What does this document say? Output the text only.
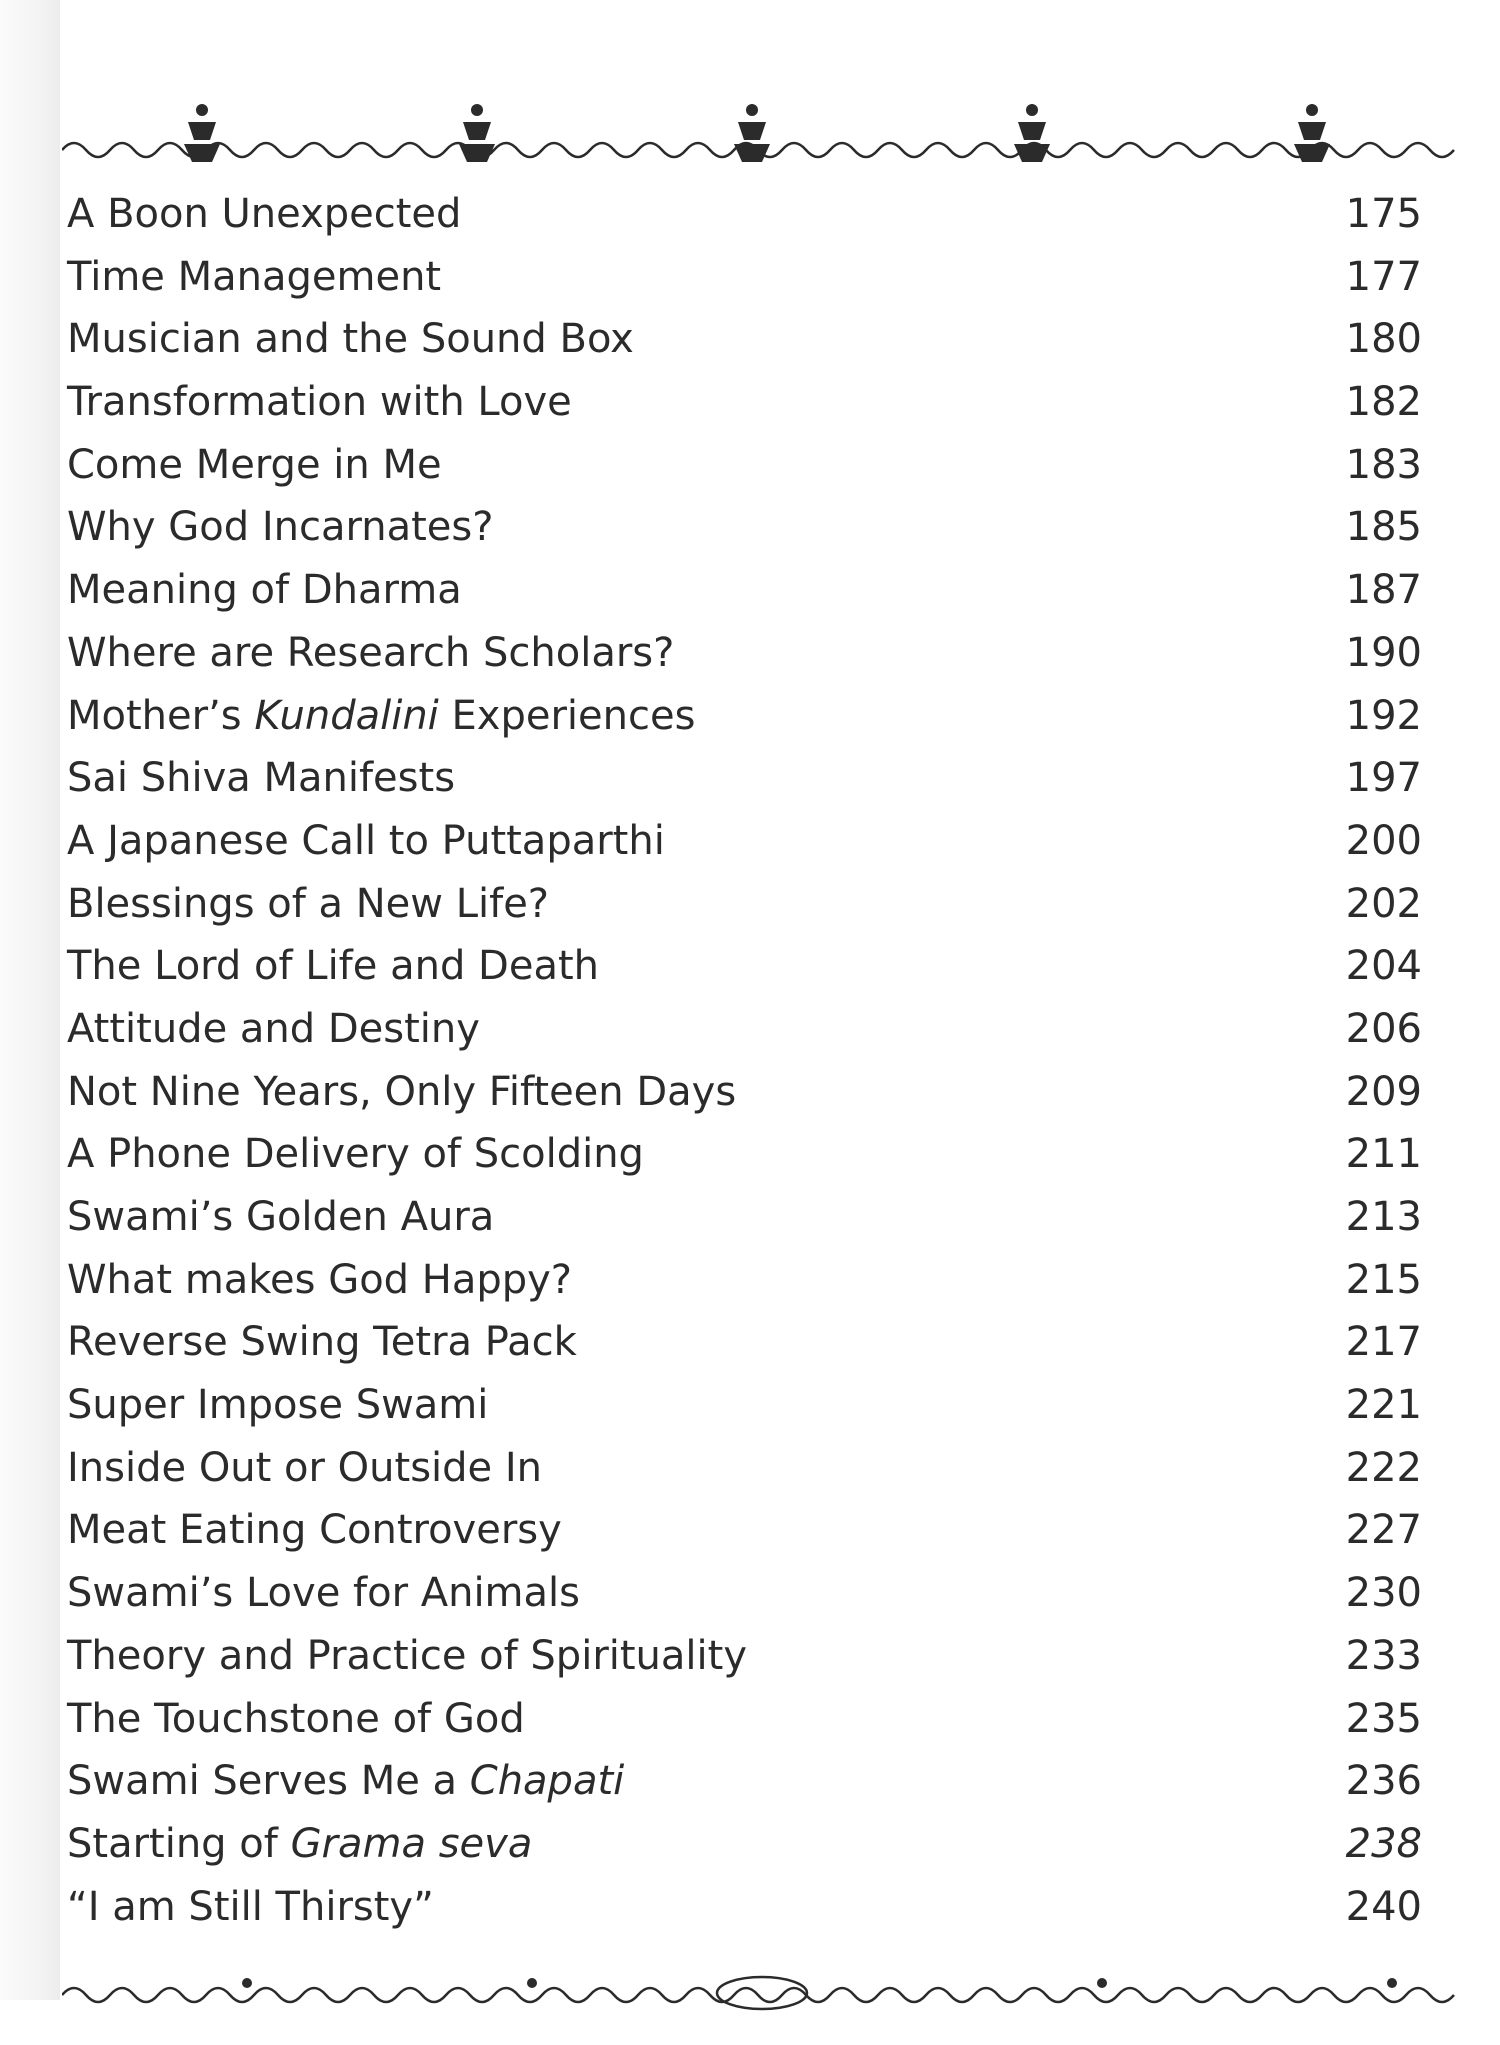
A Boon Unexpected	175
Time Management	177
Musician and the Sound Box	180
Transformation with Love	182
Come Merge in Me	183
Why God Incarnates?	185
Meaning of Dharma	187
Where are Research Scholars?	190
Mother’s Kundalini Experiences	192
Sai Shiva Manifests	197
A Japanese Call to Puttaparthi	200
Blessings of a New Life?	202
The Lord of Life and Death	204
Attitude and Destiny	206
Not Nine Years, Only Fifteen Days	209
A Phone Delivery of Scolding	211
Swami’s Golden Aura	213
What makes God Happy?	215
Reverse Swing Tetra Pack	217
Super Impose Swami	221
Inside Out or Outside In	222
Meat Eating Controversy	227
Swami’s Love for Animals	230
Theory and Practice of Spirituality	233
The Touchstone of God	235
Swami Serves Me a Chapati	236
Starting of Grama seva	238
“I am Still Thirsty”	240
